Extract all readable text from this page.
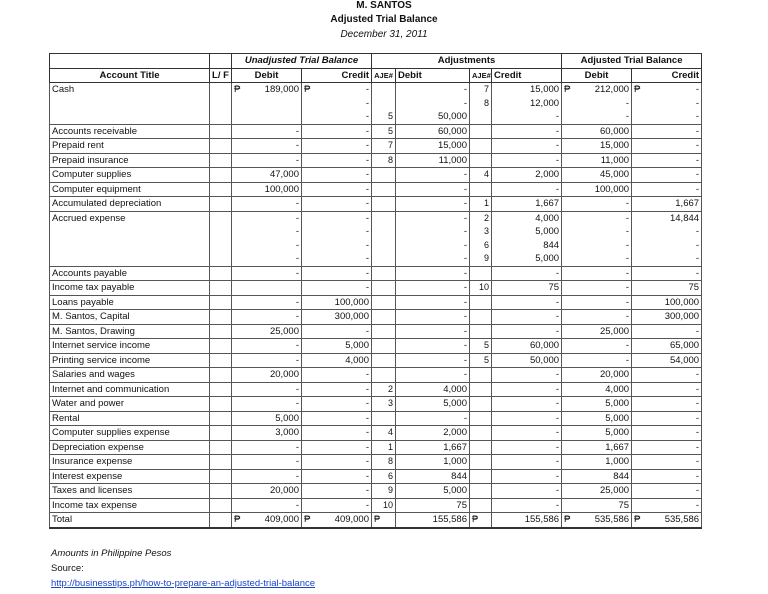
M. SANTOS
Adjusted Trial Balance
December 31, 2011
		Unadjusted Trial Balance		Adjustments				Adjusted Trial Balance	
Account Title	L/ F	Debit	Credit	AJE#	Debit	AJE#	Credit	Debit	Credit
Cash		₱ 189,000	₱ -		-	7	15,000	₱ 212,000	₱ -

			-		-	8	12,000	-	-
			-	5	50,000		-	-	-
Accounts receivable		-	-	5	60,000		-	60,000	-
Prepaid rent		-	-	7	15,000		-	15,000	-
Prepaid insurance		-	-	8	11,000		-	11,000	-
Computer supplies		47,000	-		-	4	2,000	45,000	-
Computer equipment		100,000	-		-		-	100,000	-
Accumulated depreciation		-	-		-	1	1,667	-	1,667
Accrued expense		-	-		-	2	4,000	-	14,844
		-	-		-	3	5,000	-	-
		-	-		-	6	844	-	-
		-	-		-	9	5,000	-	-
Accounts payable		-	-		-		-	-	-
Income tax payable			-		-	10	75	-	75
Loans payable		-	100,000		-		-	-	100,000
M. Santos, Capital		-	300,000		-		-	-	300,000
M. Santos, Drawing		25,000	-		-		-	25,000	-
Internet service income		-	5,000		-	5	60,000	-	65,000
Printing service income		-	4,000		-	5	50,000	-	54,000
Salaries and wages		20,000	-		-		-	20,000	-
Internet and communication		-	-	2	4,000		-	4,000	-
Water and power		-	-	3	5,000		-	5,000	-
Rental		5,000	-		-		-	5,000	-
Computer supplies expense		3,000	-	4	2,000		-	5,000	-
Depreciation expense		-	-	1	1,667		-	1,667	-
Insurance expense		-	-	8	1,000		-	1,000	-
Interest expense		-	-	6	844		-	844	-
Taxes and licenses		20,000	-	9	5,000		-	25,000	-
Income tax expense		-	-	10	75		-	75	-
Total		₱ 409,000	₱ 409,000	₱	155,586	₱	155,586	₱ 535,586	₱ 535,586
Amounts in Philippine Pesos
Source:
http://businesstips.ph/how-to-prepare-an-adjusted-trial-balance
